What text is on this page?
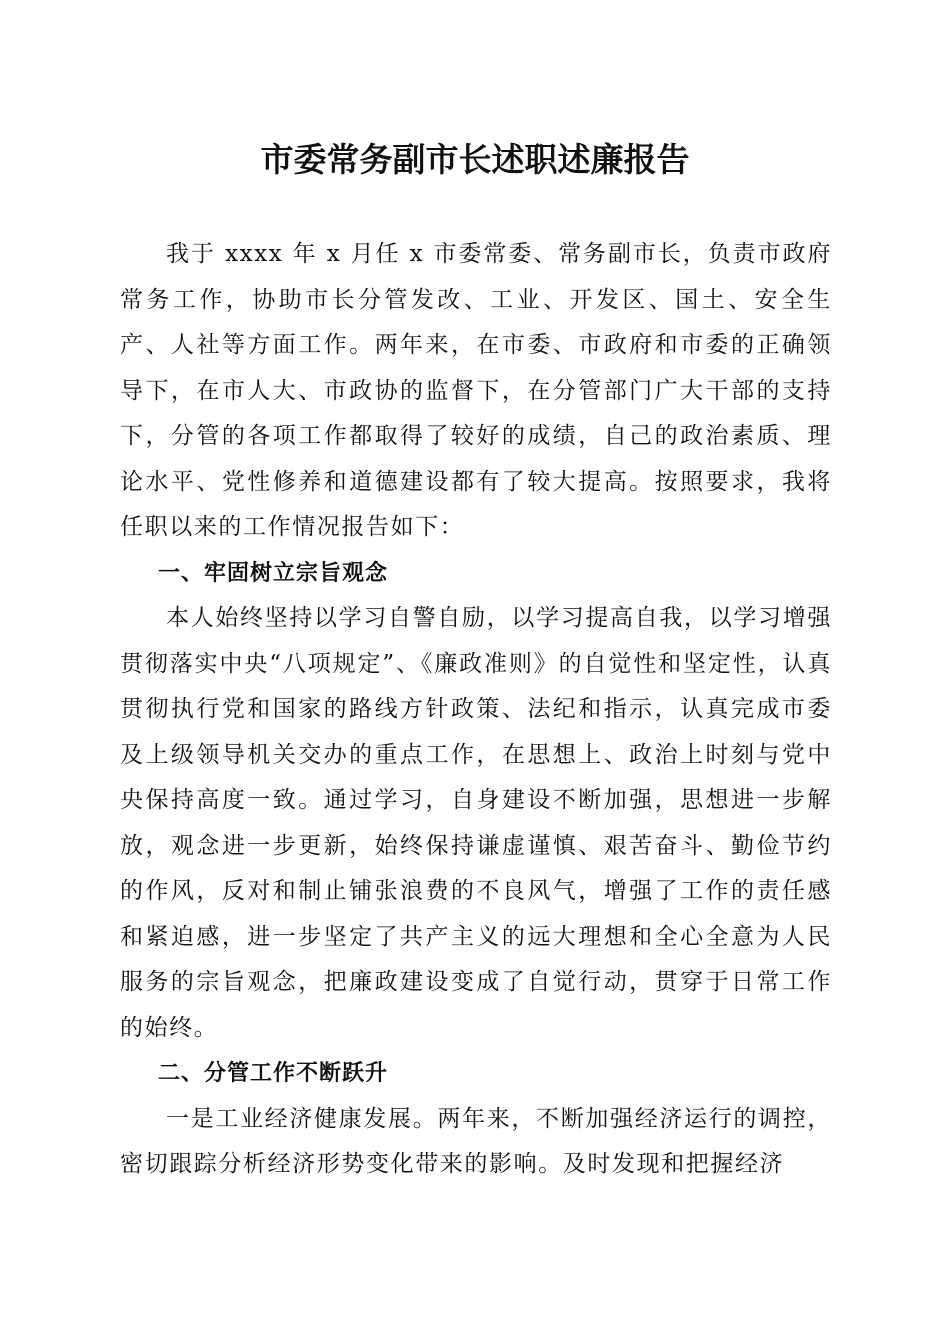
市委常务副市长述职述廉报告

我于 xxxx 年 x 月任 x 市委常委、常务副市长，负责市政府常务工作，协助市长分管发改、工业、开发区、国土、安全生产、人社等方面工作。两年来，在市委、市政府和市委的正确领导下，在市人大、市政协的监督下，在分管部门广大干部的支持下，分管的各项工作都取得了较好的成绩，自己的政治素质、理论水平、党性修养和道德建设都有了较大提高。按照要求，我将任职以来的工作情况报告如下：

一、牢固树立宗旨观念

本人始终坚持以学习自警自励，以学习提高自我，以学习增强贯彻落实中央“八项规定”、《廉政准则》的自觉性和坚定性，认真贯彻执行党和国家的路线方针政策、法纪和指示，认真完成市委及上级领导机关交办的重点工作，在思想上、政治上时刻与党中央保持高度一致。通过学习，自身建设不断加强，思想进一步解放，观念进一步更新，始终保持谦虚谨慎、艰苦奋斗、勤俭节约的作风，反对和制止铺张浪费的不良风气，增强了工作的责任感和紧迫感，进一步坚定了共产主义的远大理想和全心全意为人民服务的宗旨观念，把廉政建设变成了自觉行动，贯穿于日常工作的始终。

二、分管工作不断跃升

一是工业经济健康发展。两年来，不断加强经济运行的调控，密切跟踪分析经济形势变化带来的影响。及时发现和把握经济
